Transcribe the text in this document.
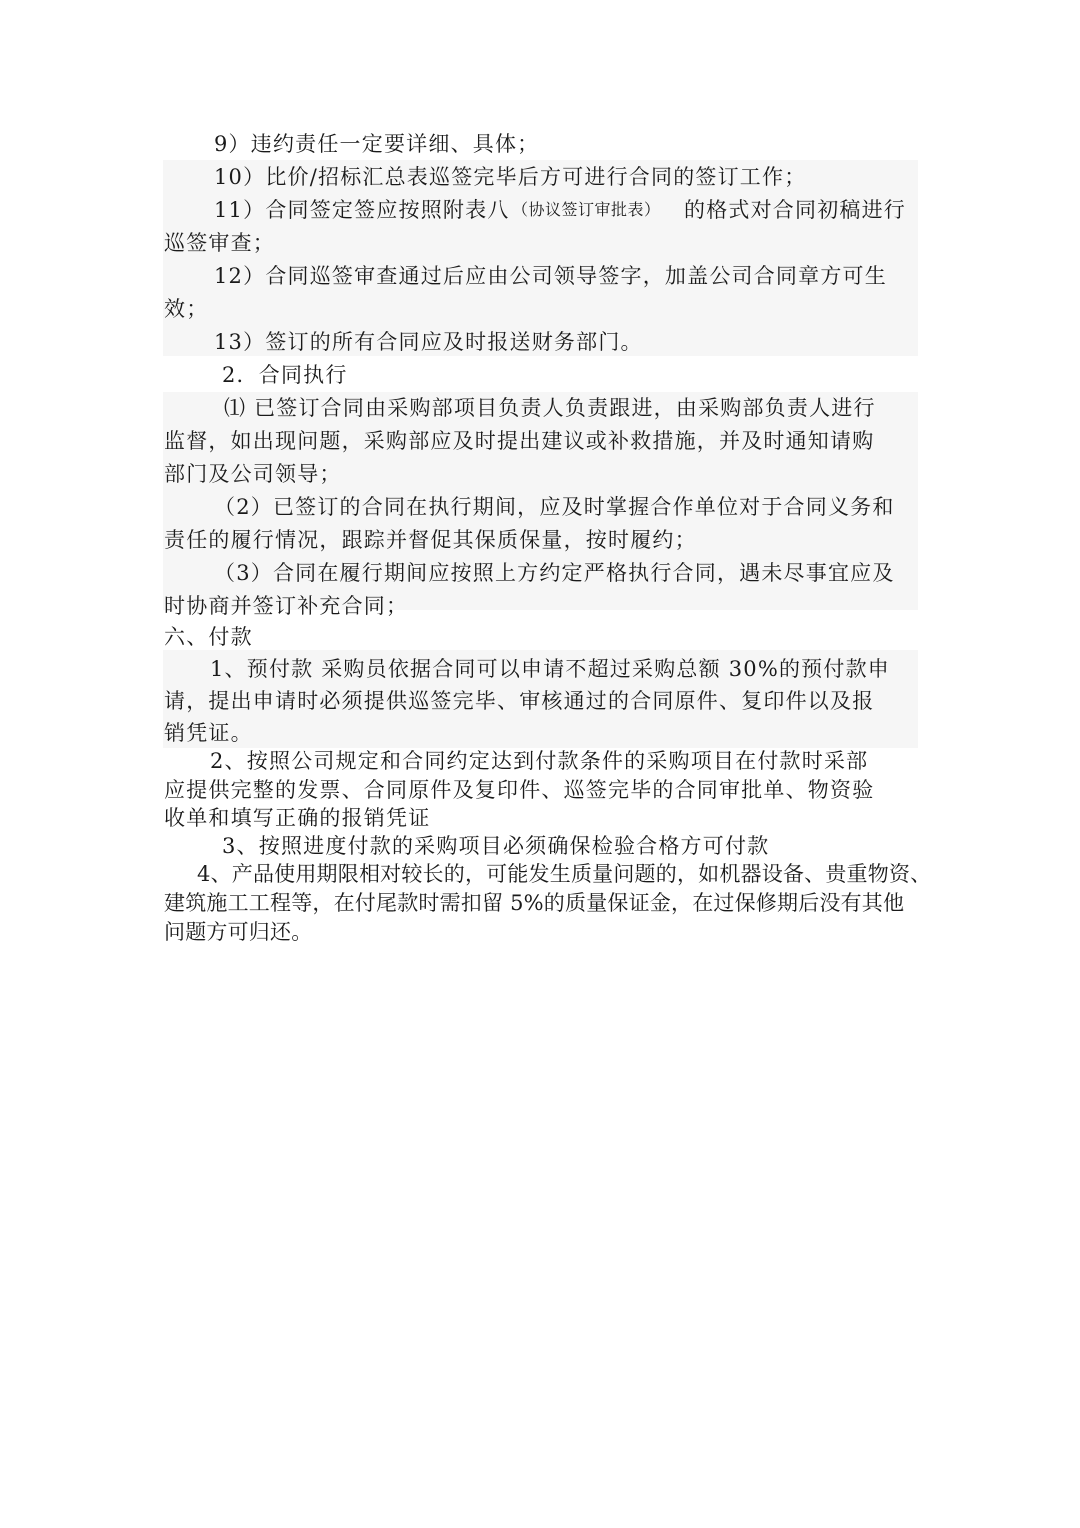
9）违约责任一定要详细、具体；
10）比价/招标汇总表巡签完毕后方可进行合同的签订工作；
11）合同签定签应按照附表八 （协议签订审批表） 的格式对合同初稿进行
巡签审查；
12）合同巡签审查通过后应由公司领导签字，加盖公司合同章方可生
效；
13）签订的所有合同应及时报送财务部门。
2．合同执行
⑴ 已签订合同由采购部项目负责人负责跟进，由采购部负责人进行
监督，如出现问题，采购部应及时提出建议或补救措施，并及时通知请购
部门及公司领导；
（2）已签订的合同在执行期间，应及时掌握合作单位对于合同义务和
责任的履行情况，跟踪并督促其保质保量，按时履约；
（3）合同在履行期间应按照上方约定严格执行合同，遇未尽事宜应及
时协商并签订补充合同；
六、付款
1、预付款 采购员依据合同可以申请不超过采购总额 30%的预付款申
请，提出申请时必须提供巡签完毕、审核通过的合同原件、复印件以及报
销凭证。
2、按照公司规定和合同约定达到付款条件的采购项目在付款时采部
应提供完整的发票、合同原件及复印件、巡签完毕的合同审批单、物资验
收单和填写正确的报销凭证
3、按照进度付款的采购项目必须确保检验合格方可付款
4、产品使用期限相对较长的，可能发生质量问题的，如机器设备、贵重物资、
建筑施工工程等，在付尾款时需扣留 5%的质量保证金，在过保修期后没有其他
问题方可归还。
